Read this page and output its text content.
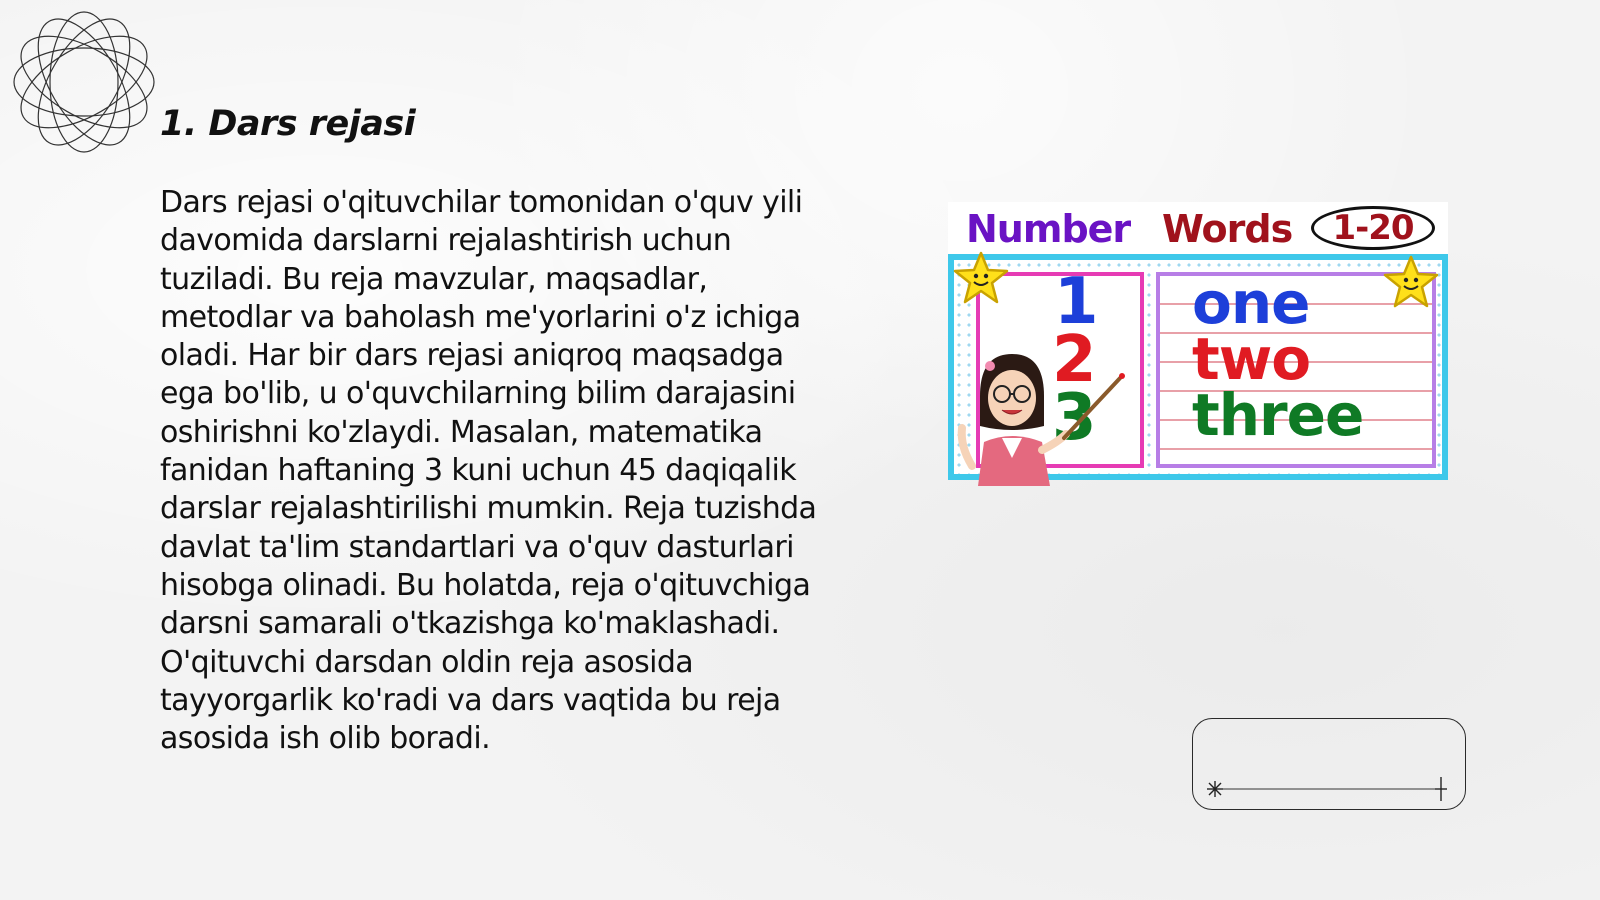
1. Dars rejasi

Dars rejasi o'qituvchilar tomonidan o'quv yili davomida darslarni rejalashtirish uchun tuziladi. Bu reja mavzular, maqsadlar, metodlar va baholash me'yorlarini o'z ichiga oladi. Har bir dars rejasi aniqroq maqsadga ega bo'lib, u o'quvchilarning bilim darajasini oshirishni ko'zlaydi. Masalan, matematika fanidan haftaning 3 kuni uchun 45 daqiqalik darslar rejalashtirilishi mumkin. Reja tuzishda davlat ta'lim standartlari va o'quv dasturlari hisobga olinadi. Bu holatda, reja o'qituvchiga darsni samarali o'tkazishga ko'maklashadi. O'qituvchi darsdan oldin reja asosida tayyorgarlik ko'radi va dars vaqtida bu reja asosida ish olib boradi.

Number Words	1-20
1
2
3
one
two
three
